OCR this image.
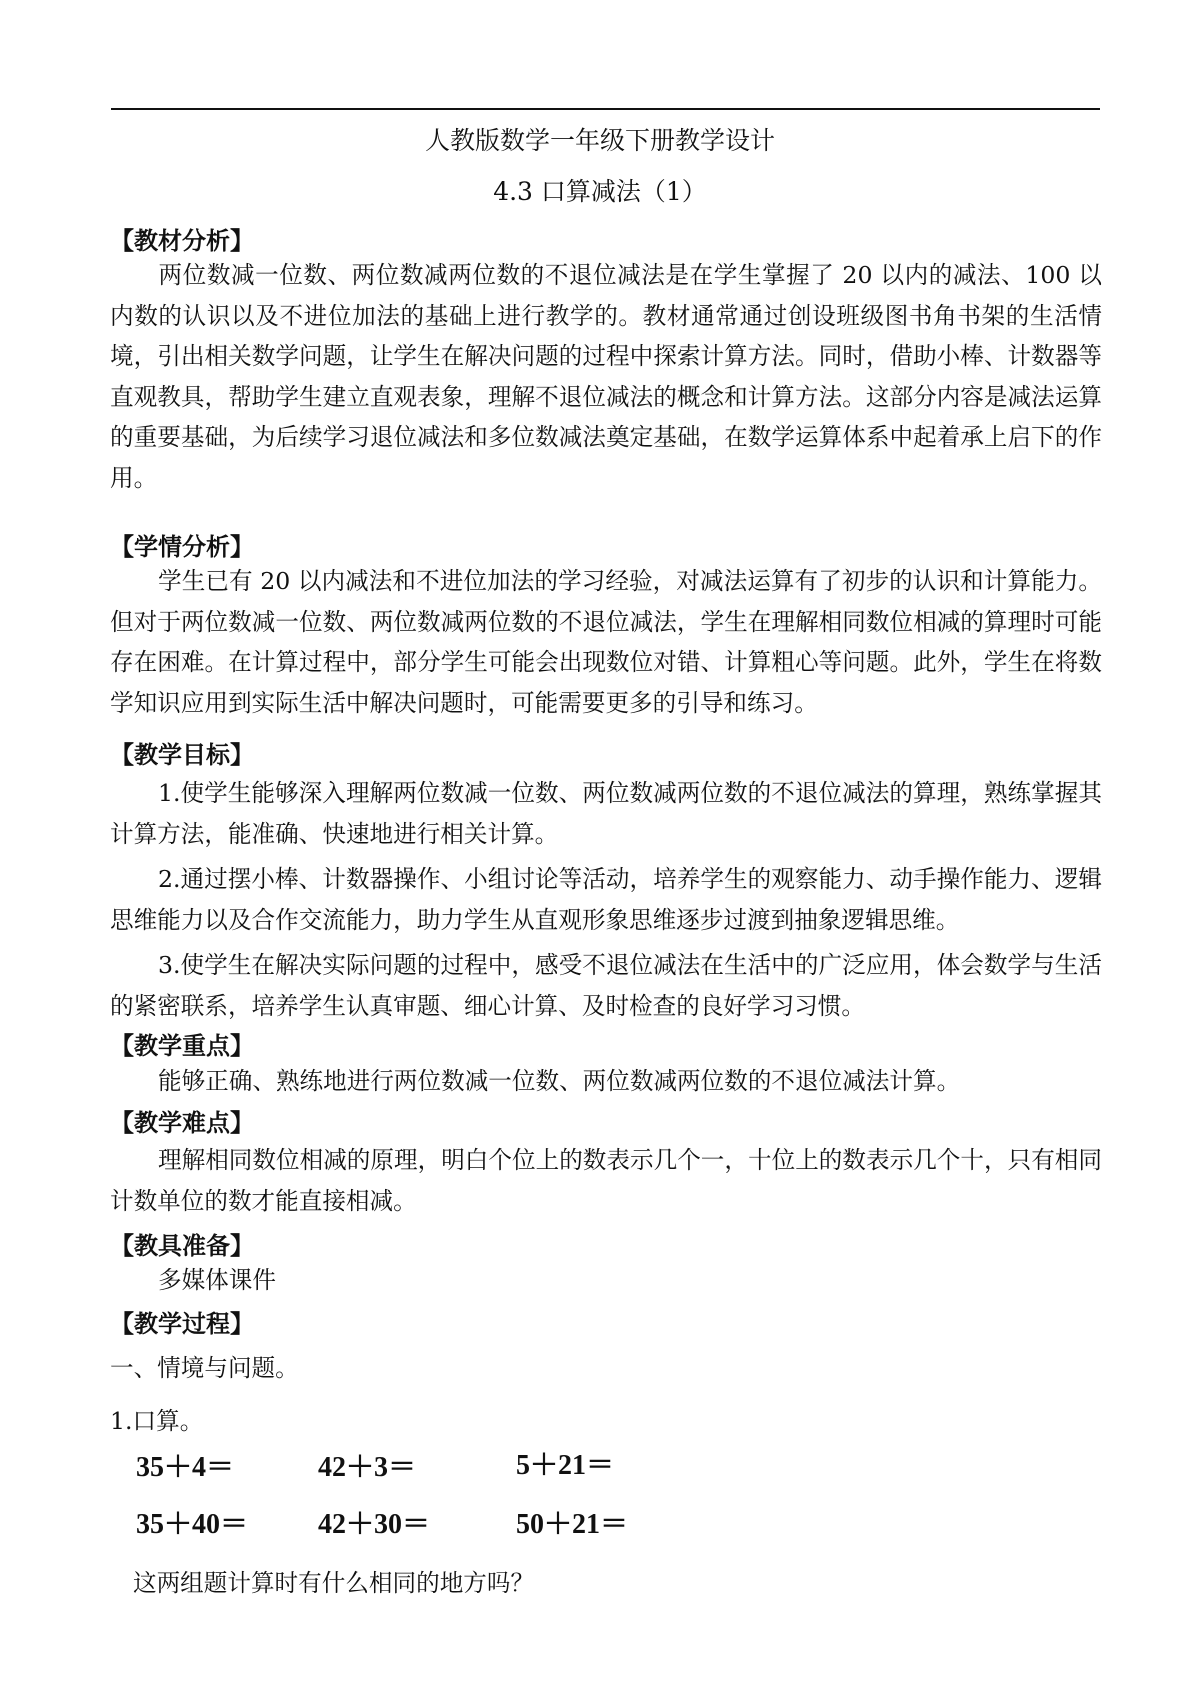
人教版数学一年级下册教学设计
4.3 口算减法（1）
【教材分析】
两位数减一位数、两位数减两位数的不退位减法是在学生掌握了 20 以内的减法、100 以内数的认识以及不进位加法的基础上进行教学的。教材通常通过创设班级图书角书架的生活情境，引出相关数学问题，让学生在解决问题的过程中探索计算方法。同时，借助小棒、计数器等直观教具，帮助学生建立直观表象，理解不退位减法的概念和计算方法。这部分内容是减法运算的重要基础，为后续学习退位减法和多位数减法奠定基础，在数学运算体系中起着承上启下的作用。
【学情分析】
学生已有 20 以内减法和不进位加法的学习经验，对减法运算有了初步的认识和计算能力。但对于两位数减一位数、两位数减两位数的不退位减法，学生在理解相同数位相减的算理时可能存在困难。在计算过程中，部分学生可能会出现数位对错、计算粗心等问题。此外，学生在将数学知识应用到实际生活中解决问题时，可能需要更多的引导和练习。
【教学目标】
1.使学生能够深入理解两位数减一位数、两位数减两位数的不退位减法的算理，熟练掌握其计算方法，能准确、快速地进行相关计算。
2.通过摆小棒、计数器操作、小组讨论等活动，培养学生的观察能力、动手操作能力、逻辑思维能力以及合作交流能力，助力学生从直观形象思维逐步过渡到抽象逻辑思维。
3.使学生在解决实际问题的过程中，感受不退位减法在生活中的广泛应用，体会数学与生活的紧密联系，培养学生认真审题、细心计算、及时检查的良好学习习惯。
【教学重点】
能够正确、熟练地进行两位数减一位数、两位数减两位数的不退位减法计算。
【教学难点】
理解相同数位相减的原理，明白个位上的数表示几个一，十位上的数表示几个十，只有相同计数单位的数才能直接相减。
【教具准备】
多媒体课件
【教学过程】
一、情境与问题。
1.口算。
35＋4＝	42＋3＝	5＋21＝
35＋40＝ 42＋30＝	50＋21＝
这两组题计算时有什么相同的地方吗？
